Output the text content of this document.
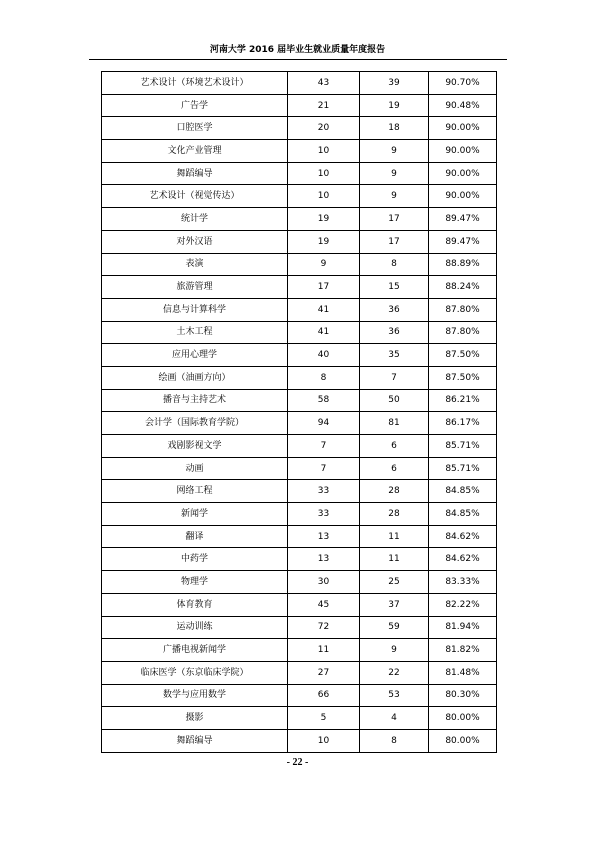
河南大学 2016 届毕业生就业质量年度报告
艺术设计（环境艺术设计）	43	39	90.70%
广告学	21	19	90.48%
口腔医学	20	18	90.00%
文化产业管理	10	9	90.00%
舞蹈编导	10	9	90.00%
艺术设计（视觉传达）	10	9	90.00%
统计学	19	17	89.47%
对外汉语	19	17	89.47%
表演	9	8	88.89%
旅游管理	17	15	88.24%
信息与计算科学	41	36	87.80%
土木工程	41	36	87.80%
应用心理学	40	35	87.50%
绘画（油画方向）	8	7	87.50%
播音与主持艺术	58	50	86.21%
会计学（国际教育学院）	94	81	86.17%
戏剧影视文学	7	6	85.71%
动画	7	6	85.71%
网络工程	33	28	84.85%
新闻学	33	28	84.85%
翻译	13	11	84.62%
中药学	13	11	84.62%
物理学	30	25	83.33%
体育教育	45	37	82.22%
运动训练	72	59	81.94%
广播电视新闻学	11	9	81.82%
临床医学（东京临床学院）	27	22	81.48%
数学与应用数学	66	53	80.30%
摄影	5	4	80.00%
舞蹈编导	10	8	80.00%
- 22 -
